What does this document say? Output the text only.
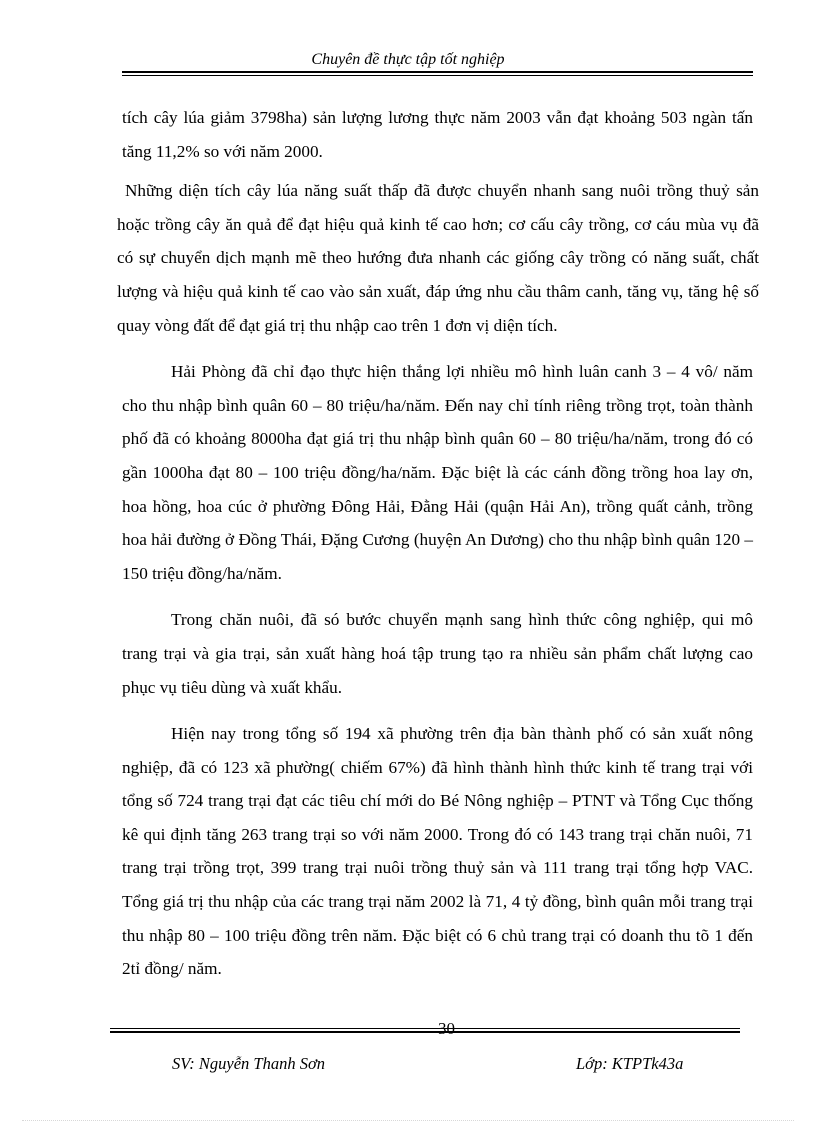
Chuyên đề thực tập tốt nghiệp

tích cây lúa giảm 3798ha) sản lượng lương thực năm 2003 vẫn đạt khoảng 503 ngàn tấn tăng 11,2% so với năm 2000.

Những diện tích cây lúa năng suất thấp đã được chuyển nhanh sang nuôi trồng thuỷ sản hoặc trồng cây ăn quả để đạt hiệu quả kinh tế cao hơn; cơ cấu cây trồng, cơ cáu mùa vụ đã có sự chuyển dịch mạnh mẽ theo hướng đưa nhanh các giống cây trồng có năng suất, chất lượng và hiệu quả kinh tế cao vào sản xuất, đáp ứng nhu cầu thâm canh, tăng vụ, tăng hệ số quay vòng đất để đạt giá trị thu nhập cao trên 1 đơn vị diện tích.

Hải Phòng đã chỉ đạo thực hiện thắng lợi nhiều mô hình luân canh 3 – 4 vô/ năm cho thu nhập bình quân 60 – 80 triệu/ha/năm. Đến nay chỉ tính riêng trồng trọt, toàn thành phố đã có khoảng 8000ha đạt giá trị thu nhập bình quân 60 – 80 triệu/ha/năm, trong đó có gần 1000ha đạt 80 – 100 triệu đồng/ha/năm. Đặc biệt là các cánh đồng trồng hoa lay ơn, hoa hồng, hoa cúc ở phường Đông Hải, Đằng Hải (quận Hải An), trồng quất cảnh, trồng hoa hải đường ở Đồng Thái, Đặng Cương (huyện An Dương) cho thu nhập bình quân 120 – 150 triệu đồng/ha/năm.

Trong chăn nuôi, đã só bước chuyển mạnh sang hình thức công nghiệp, qui mô trang trại và gia trại, sản xuất hàng hoá tập trung tạo ra nhiều sản phẩm chất lượng cao phục vụ tiêu dùng và xuất khẩu.

Hiện nay trong tổng số 194 xã phường trên địa bàn thành phố có sản xuất nông nghiệp, đã có 123 xã phường( chiếm 67%) đã hình thành hình thức kinh tế trang trại với tổng số 724 trang trại đạt các tiêu chí mới do Bé Nông nghiệp – PTNT và Tổng Cục thống kê qui định tăng 263 trang trại so với năm 2000. Trong đó có 143 trang trại chăn nuôi, 71 trang trại trồng trọt, 399 trang trại nuôi trồng thuỷ sản và 111 trang trại tổng hợp VAC. Tổng giá trị thu nhập của các trang trại năm 2002 là 71, 4 tỷ đồng, bình quân mỗi trang trại thu nhập 80 – 100 triệu đồng trên năm. Đặc biệt có 6 chủ trang trại có doanh thu tõ 1 đến 2tỉ đồng/ năm.

30
SV: Nguyễn Thanh Sơn	Lớp: KTPTk43a
